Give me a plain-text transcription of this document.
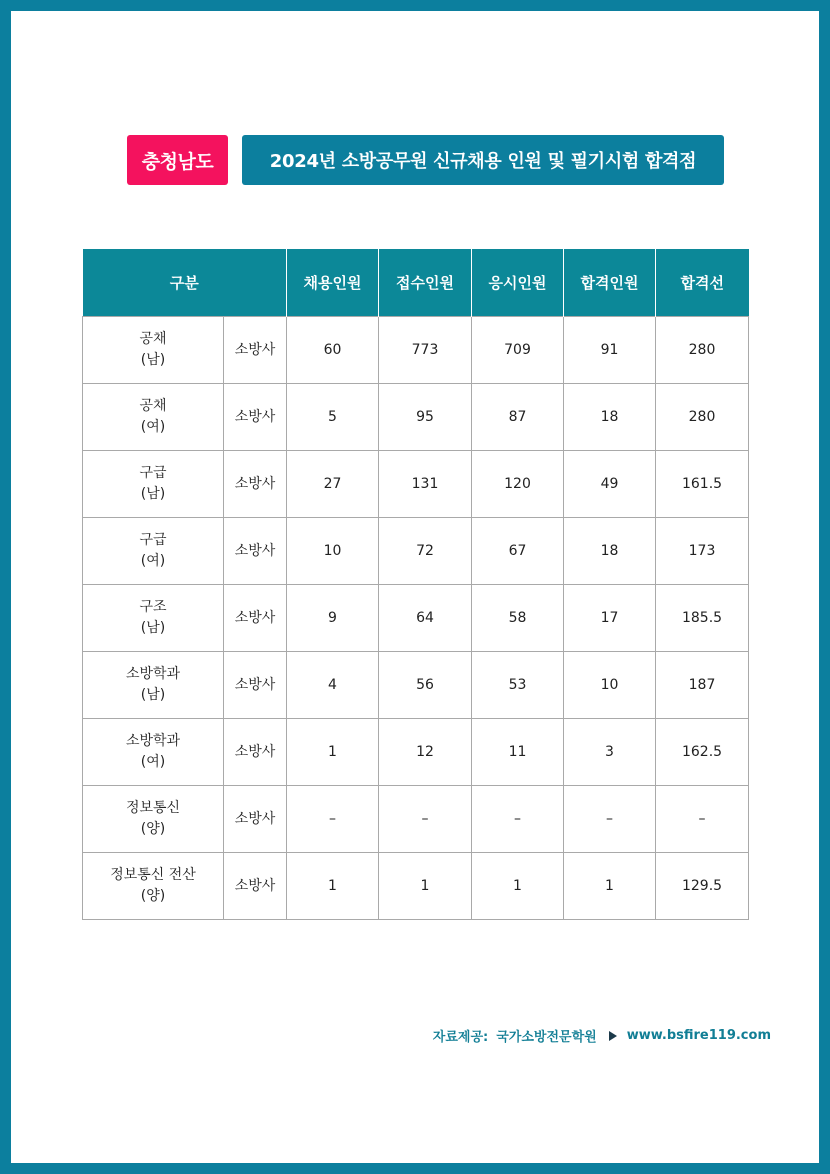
충청남도	2024년 소방공무원 신규채용 인원 및 필기시험 합격점
구분		채용인원	접수인원	응시인원	합격인원	합격선

공채
(남)	소방사	60	773	709	91	280

공채
(여)	소방사	5	95	87	18	280

구급
(남)	소방사	27	131	120	49	161.5

구급
(여)	소방사	10	72	67	18	173

구조
(남)	소방사	9	64	58	17	185.5

소방학과
(남)	소방사	4	56	53	10	187

소방학과
(여)	소방사	1	12	11	3	162.5

정보통신
(양)	소방사	–	–	–	–	–

정보통신 전산
(양)	소방사	1	1	1	1	129.5
자료제공: 국가소방전문학원 www.bsfire119.com
